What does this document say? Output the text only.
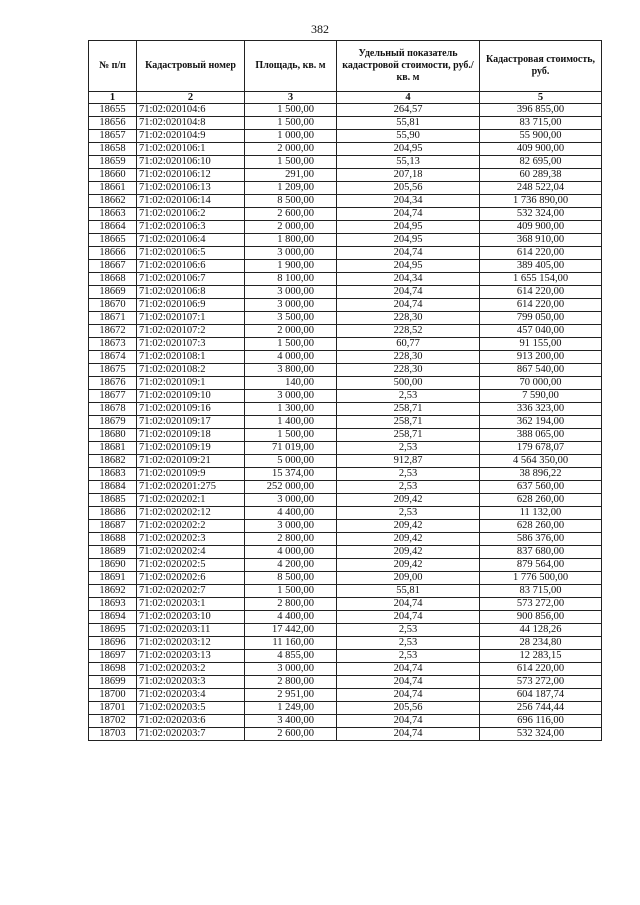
382
№ п/п	Кадастровый номер	Площадь, кв. м	Удельный показатель кадастровой стоимости, руб./кв. м	Кадастровая стоимость, руб.
1	2	3	4	5
18655	71:02:020104:6	1 500,00	264,57	396 855,00
18656	71:02:020104:8	1 500,00	55,81	83 715,00
18657	71:02:020104:9	1 000,00	55,90	55 900,00
18658	71:02:020106:1	2 000,00	204,95	409 900,00
18659	71:02:020106:10	1 500,00	55,13	82 695,00
18660	71:02:020106:12	291,00	207,18	60 289,38
18661	71:02:020106:13	1 209,00	205,56	248 522,04
18662	71:02:020106:14	8 500,00	204,34	1 736 890,00
18663	71:02:020106:2	2 600,00	204,74	532 324,00
18664	71:02:020106:3	2 000,00	204,95	409 900,00
18665	71:02:020106:4	1 800,00	204,95	368 910,00
18666	71:02:020106:5	3 000,00	204,74	614 220,00
18667	71:02:020106:6	1 900,00	204,95	389 405,00
18668	71:02:020106:7	8 100,00	204,34	1 655 154,00
18669	71:02:020106:8	3 000,00	204,74	614 220,00
18670	71:02:020106:9	3 000,00	204,74	614 220,00
18671	71:02:020107:1	3 500,00	228,30	799 050,00
18672	71:02:020107:2	2 000,00	228,52	457 040,00
18673	71:02:020107:3	1 500,00	60,77	91 155,00
18674	71:02:020108:1	4 000,00	228,30	913 200,00
18675	71:02:020108:2	3 800,00	228,30	867 540,00
18676	71:02:020109:1	140,00	500,00	70 000,00
18677	71:02:020109:10	3 000,00	2,53	7 590,00
18678	71:02:020109:16	1 300,00	258,71	336 323,00
18679	71:02:020109:17	1 400,00	258,71	362 194,00
18680	71:02:020109:18	1 500,00	258,71	388 065,00
18681	71:02:020109:19	71 019,00	2,53	179 678,07
18682	71:02:020109:21	5 000,00	912,87	4 564 350,00
18683	71:02:020109:9	15 374,00	2,53	38 896,22
18684	71:02:020201:275	252 000,00	2,53	637 560,00
18685	71:02:020202:1	3 000,00	209,42	628 260,00
18686	71:02:020202:12	4 400,00	2,53	11 132,00
18687	71:02:020202:2	3 000,00	209,42	628 260,00
18688	71:02:020202:3	2 800,00	209,42	586 376,00
18689	71:02:020202:4	4 000,00	209,42	837 680,00
18690	71:02:020202:5	4 200,00	209,42	879 564,00
18691	71:02:020202:6	8 500,00	209,00	1 776 500,00
18692	71:02:020202:7	1 500,00	55,81	83 715,00
18693	71:02:020203:1	2 800,00	204,74	573 272,00
18694	71:02:020203:10	4 400,00	204,74	900 856,00
18695	71:02:020203:11	17 442,00	2,53	44 128,26
18696	71:02:020203:12	11 160,00	2,53	28 234,80
18697	71:02:020203:13	4 855,00	2,53	12 283,15
18698	71:02:020203:2	3 000,00	204,74	614 220,00
18699	71:02:020203:3	2 800,00	204,74	573 272,00
18700	71:02:020203:4	2 951,00	204,74	604 187,74
18701	71:02:020203:5	1 249,00	205,56	256 744,44
18702	71:02:020203:6	3 400,00	204,74	696 116,00
18703	71:02:020203:7	2 600,00	204,74	532 324,00
